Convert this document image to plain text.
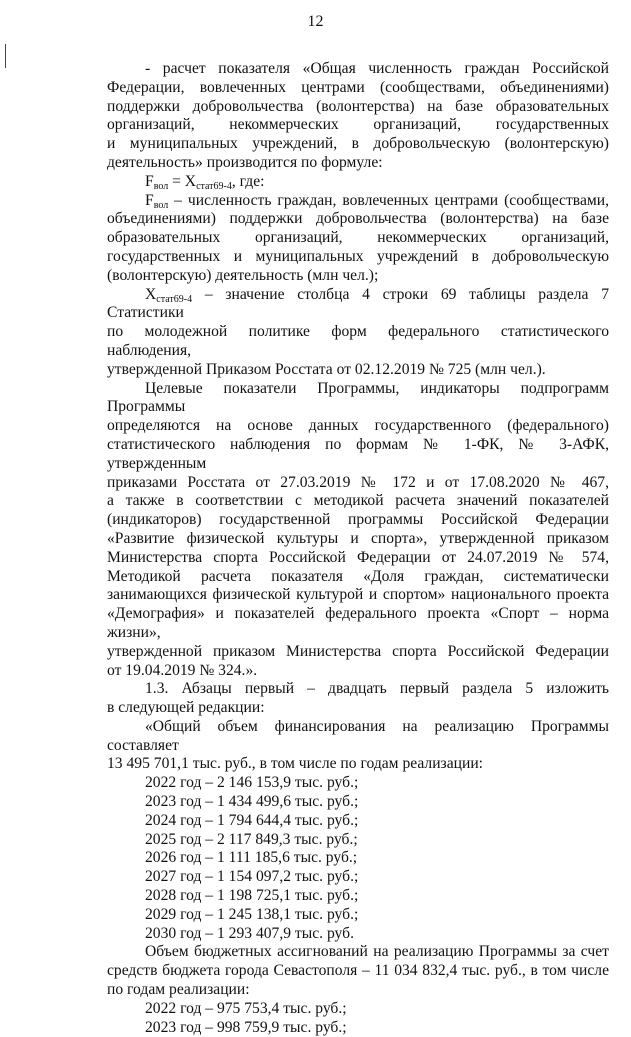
12

- расчет показателя «Общая численность граждан Российской

Федерации, вовлеченных центрами (сообществами, объединениями)

поддержки добровольчества (волонтерства) на базе образовательных

организаций, некоммерческих организаций, государственных

и муниципальных учреждений, в добровольческую (волонтерскую)

деятельность» производится по формуле:

$F_{вол} = X_{стат69-4}$, где:

$F_{вол}$ – численность граждан, вовлеченных центрами (сообществами,

объединениями) поддержки добровольчества (волонтерства) на базе

образовательных организаций, некоммерческих организаций,

государственных и муниципальных учреждений в добровольческую

(волонтерскую) деятельность (млн чел.);

$X_{стат69-4}$ – значение столбца 4 строки 69 таблицы раздела 7 Статистики

по молодежной политике форм федерального статистического наблюдения,

утвержденной Приказом Росстата от 02.12.2019 № 725 (млн чел.).

Целевые показатели Программы, индикаторы подпрограмм Программы

определяются на основе данных государственного (федерального)

статистического наблюдения по формам № 1-ФК, № 3-АФК, утвержденным

приказами Росстата от 27.03.2019 № 172 и от 17.08.2020 № 467,

а также в соответствии с методикой расчета значений показателей

(индикаторов) государственной программы Российской Федерации

«Развитие физической культуры и спорта», утвержденной приказом

Министерства спорта Российской Федерации от 24.07.2019 № 574,

Методикой расчета показателя «Доля граждан, систематически

занимающихся физической культурой и спортом» национального проекта

«Демография» и показателей федерального проекта «Спорт – норма жизни»,

утвержденной приказом Министерства спорта Российской Федерации

от 19.04.2019 № 324.».

1.3. Абзацы первый – двадцать первый раздела 5 изложить

в следующей редакции:

«Общий объем финансирования на реализацию Программы составляет

13 495 701,1 тыс. руб., в том числе по годам реализации:

2022 год – 2 146 153,9 тыс. руб.;

2023 год – 1 434 499,6 тыс. руб.;

2024 год – 1 794 644,4 тыс. руб.;

2025 год – 2 117 849,3 тыс. руб.;

2026 год – 1 111 185,6 тыс. руб.;

2027 год – 1 154 097,2 тыс. руб.;

2028 год – 1 198 725,1 тыс. руб.;

2029 год – 1 245 138,1 тыс. руб.;

2030 год – 1 293 407,9 тыс. руб.

Объем бюджетных ассигнований на реализацию Программы за счет

средств бюджета города Севастополя – 11 034 832,4 тыс. руб., в том числе

по годам реализации:

2022 год – 975 753,4 тыс. руб.;

2023 год – 998 759,9 тыс. руб.;
